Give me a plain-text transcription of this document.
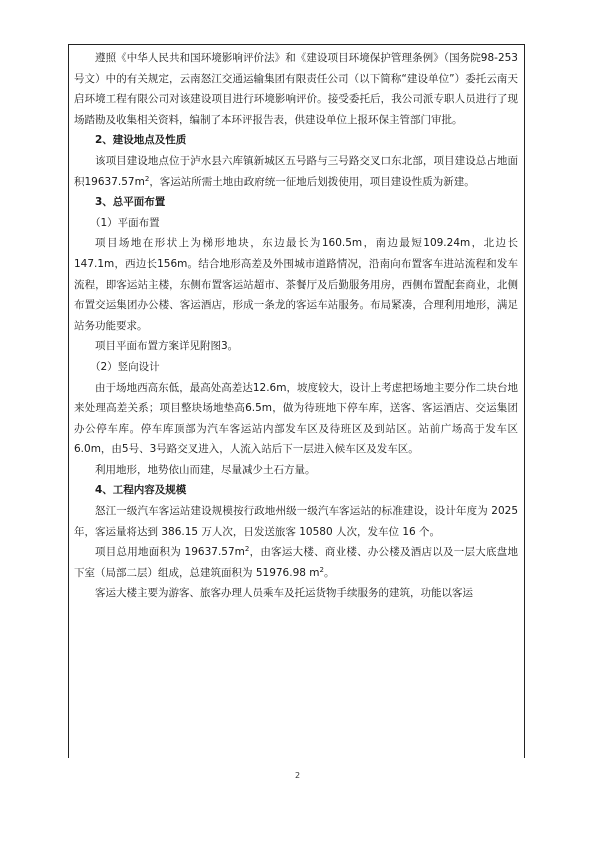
遵照《中华人民共和国环境影响评价法》和《建设项目环境保护管理条例》（国务院98-253号文）中的有关规定，云南怒江交通运输集团有限责任公司（以下简称“建设单位”）委托云南天启环境工程有限公司对该建设项目进行环境影响评价。接受委托后，我公司派专职人员进行了现场踏勘及收集相关资料，编制了本环评报告表，供建设单位上报环保主管部门审批。

2、建设地点及性质

该项目建设地点位于泸水县六库镇新城区五号路与三号路交叉口东北部，项目建设总占地面积$19637.57m^2$，客运站所需土地由政府统一征地后划拨使用，项目建设性质为新建。

3、总平面布置

（1）平面布置

项目场地在形状上为梯形地块，东边最长为160.5m，南边最短109.24m，北边长147.1m，西边长156m。结合地形高差及外围城市道路情况，沿南向布置客车进站流程和发车流程，即客运站主楼，东侧布置客运站超市、茶餐厅及后勤服务用房，西侧布置配套商业，北侧布置交运集团办公楼、客运酒店，形成一条龙的客运车站服务。布局紧凑，合理利用地形，满足站务功能要求。

项目平面布置方案详见附图3。

（2）竖向设计

由于场地西高东低，最高处高差达12.6m，坡度较大，设计上考虑把场地主要分作二块台地来处理高差关系；项目整块场地垫高6.5m，做为待班地下停车库，送客、客运酒店、交运集团办公停车库。停车库顶部为汽车客运站内部发车区及待班区及到站区。站前广场高于发车区6.0m，由5号、3号路交叉进入，人流入站后下一层进入候车区及发车区。

利用地形，地势依山而建，尽量减少土石方量。

4、工程内容及规模

怒江一级汽车客运站建设规模按行政地州级一级汽车客运站的标准建设，设计年度为 2025 年，客运量将达到 386.15 万人次，日发送旅客 10580 人次，发车位 16 个。

项目总用地面积为 $19637.57m^2$，由客运大楼、商业楼、办公楼及酒店以及一层大底盘地下室（局部二层）组成，总建筑面积为 51976.98 $m^2$。

客运大楼主要为游客、旅客办理人员乘车及托运货物手续服务的建筑，功能以客运

2
